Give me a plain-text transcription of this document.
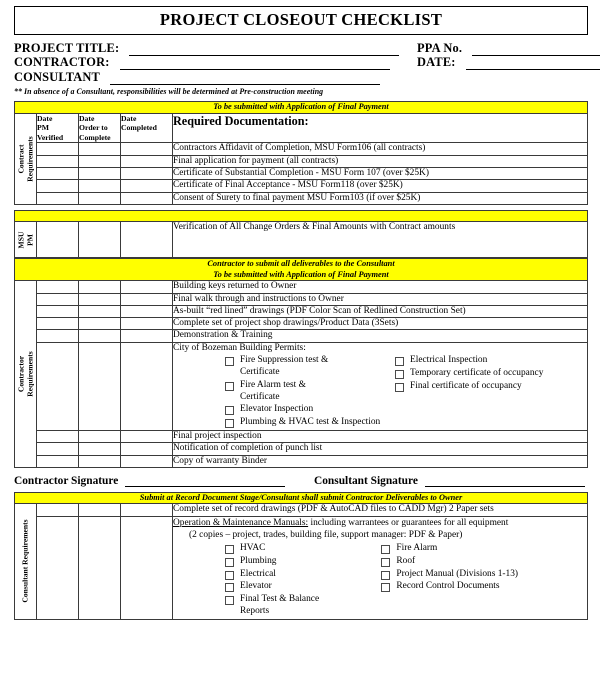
PROJECT CLOSEOUT CHECKLIST
PROJECT TITLE:
CONTRACTOR:
CONSULTANT
** In absence of a Consultant, responsibilities will be determined at Pre-construction meeting
PPA No.
DATE:
To be submitted with Application of Final Payment				

Contract Requirements

Date
PM
Verified

Date
Order to
Complete

Date
Completed
	Required Documentation:
				Contractors Affidavit of Completion, MSU Form106 (all contracts)
				Final application for payment (all contracts)
				Certificate of Substantial Completion - MSU Form 107 (over $25K)
				Certificate of Final Acceptance - MSU Form118 (over $25K)
				Consent of Surety to final payment MSU Form103 (if over $25K)

MSU PM
				Verification of All Change Orders & Final Amounts with Contract amounts
Contractor to submit all deliverables to the Consultant
To be submitted with Application of Final Payment				

Contractor Requirements				Building keys returned to Owner
				Final walk through and instructions to Owner
				As-built “red lined” drawings (PDF Color Scan of Redlined Construction Set)
				Complete set of project shop drawings/Product Data (3Sets)
				Demonstration & Training

City of Bozeman Building Permits:
Fire Suppression test &
Certificate
Fire Alarm test &
Certificate
Elevator Inspection
Plumbing & HVAC test & Inspection
Electrical Inspection
Temporary certificate of occupancy
Final certificate of occupancy

				Final project inspection
				Notification of completion of punch list
				Copy of warranty Binder
Contractor Signature	Consultant Signature
Submit at Record Document Stage/Consultant shall submit Contractor Deliverables to Owner				

Consultant Requirements				Complete set of record drawings (PDF & AutoCAD files to CADD Mgr) 2 Paper sets

Operation & Maintenance Manuals: including warrantees or guarantees for all equipment
(2 copies – project, trades, building file, support manager: PDF & Paper)
HVAC
Plumbing
Electrical
Elevator
Final Test & Balance
Reports
Fire Alarm
Roof
Project Manual (Divisions 1-13)
Record Control Documents
